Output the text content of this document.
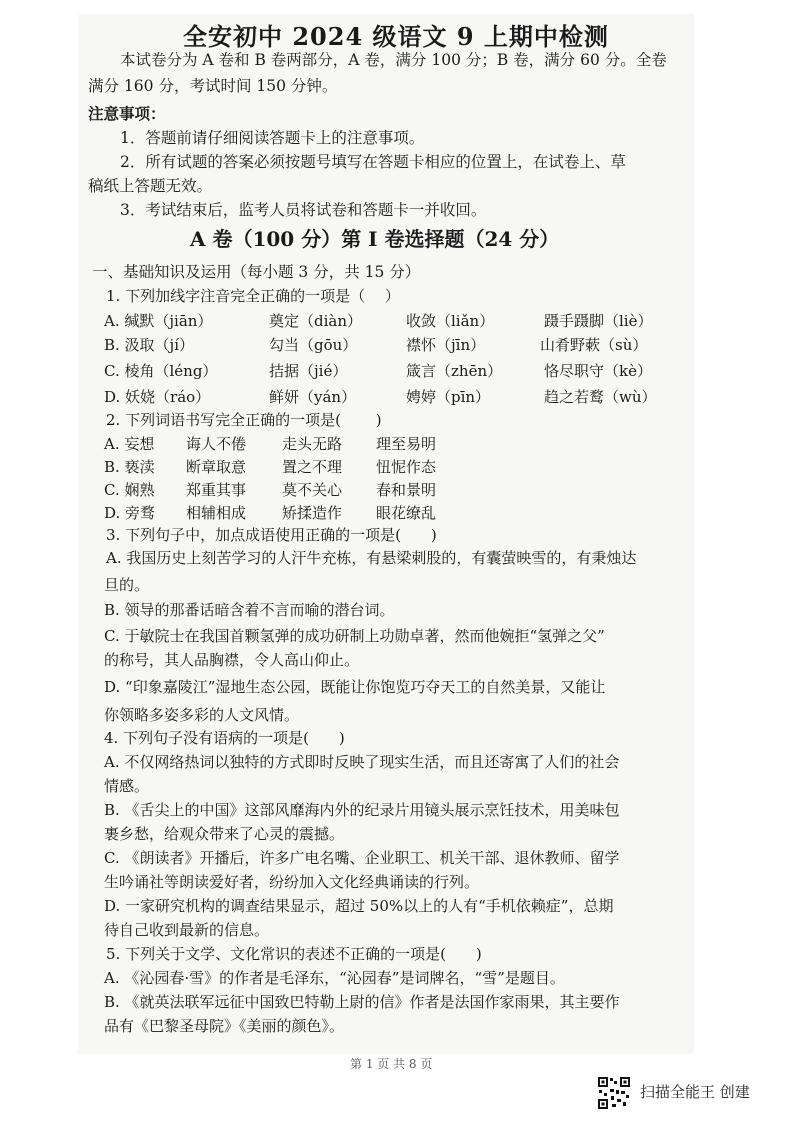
全安初中 2024 级语文 9 上期中检测
本试卷分为 A 卷和 B 卷两部分，A 卷，满分 100 分；B 卷，满分 60 分。全卷
满分 160 分，考试时间 150 分钟。
注意事项：
1．答题前请仔细阅读答题卡上的注意事项。
2．所有试题的答案必须按题号填写在答题卡相应的位置上，在试卷上、草
稿纸上答题无效。
3．考试结束后，监考人员将试卷和答题卡一并收回。
A 卷（100 分）第 I 卷选择题（24 分）
一、基础知识及运用（每小题 3 分，共 15 分）
1. 下列加线字注音完全正确的一项是（　 ）
A. 缄默（jiān）	奠定（diàn）	收敛（liǎn）	蹑手蹑脚（liè）
B. 汲取（jí）	勾当（gōu）	襟怀（jīn）	山肴野蔌（sù）
C. 棱角（léng）	拮据（jié）	箴言（zhēn）	恪尽职守（kè）
D. 妖娆（ráo）	鲜妍（yán）	娉婷（pīn）	趋之若鹜（wù）
2. 下列词语书写完全正确的一项是(　 　)
A. 妄想 诲人不倦 走头无路 理至易明
B. 亵渎 断章取意 置之不理 忸怩作态
C. 娴熟 郑重其事 莫不关心 春和景明
D. 旁骛 相辅相成 矫揉造作 眼花缭乱
3. 下列句子中，加点成语使用正确的一项是(　　)
A. 我国历史上刻苦学习的人汗牛充栋，有悬梁刺股的，有囊萤映雪的，有秉烛达
旦的。
B. 领导的那番话暗含着不言而喻的潜台词。
C. 于敏院士在我国首颗氢弹的成功研制上功勋卓著，然而他婉拒“氢弹之父”
的称号，其人品胸襟，令人高山仰止。
D. “印象嘉陵江”湿地生态公园，既能让你饱览巧夺天工的自然美景，又能让
你领略多姿多彩的人文风情。
4. 下列句子没有语病的一项是(　　)
A. 不仅网络热词以独特的方式即时反映了现实生活，而且还寄寓了人们的社会
情感。
B. 《舌尖上的中国》这部风靡海内外的纪录片用镜头展示烹饪技术，用美味包
裹乡愁，给观众带来了心灵的震撼。
C. 《朗读者》开播后，许多广电名嘴、企业职工、机关干部、退休教师、留学
生吟诵社等朗读爱好者，纷纷加入文化经典诵读的行列。
D. 一家研究机构的调查结果显示，超过 50%以上的人有“手机依赖症”，总期
待自己收到最新的信息。
5. 下列关于文学、文化常识的表述不正确的一项是(　　)
A. 《沁园春·雪》的作者是毛泽东，“沁园春”是词牌名，“雪”是题目。
B. 《就英法联军远征中国致巴特勒上尉的信》作者是法国作家雨果，其主要作
品有《巴黎圣母院》《美丽的颜色》。
第 1 页 共 8 页
扫描全能王 创建
